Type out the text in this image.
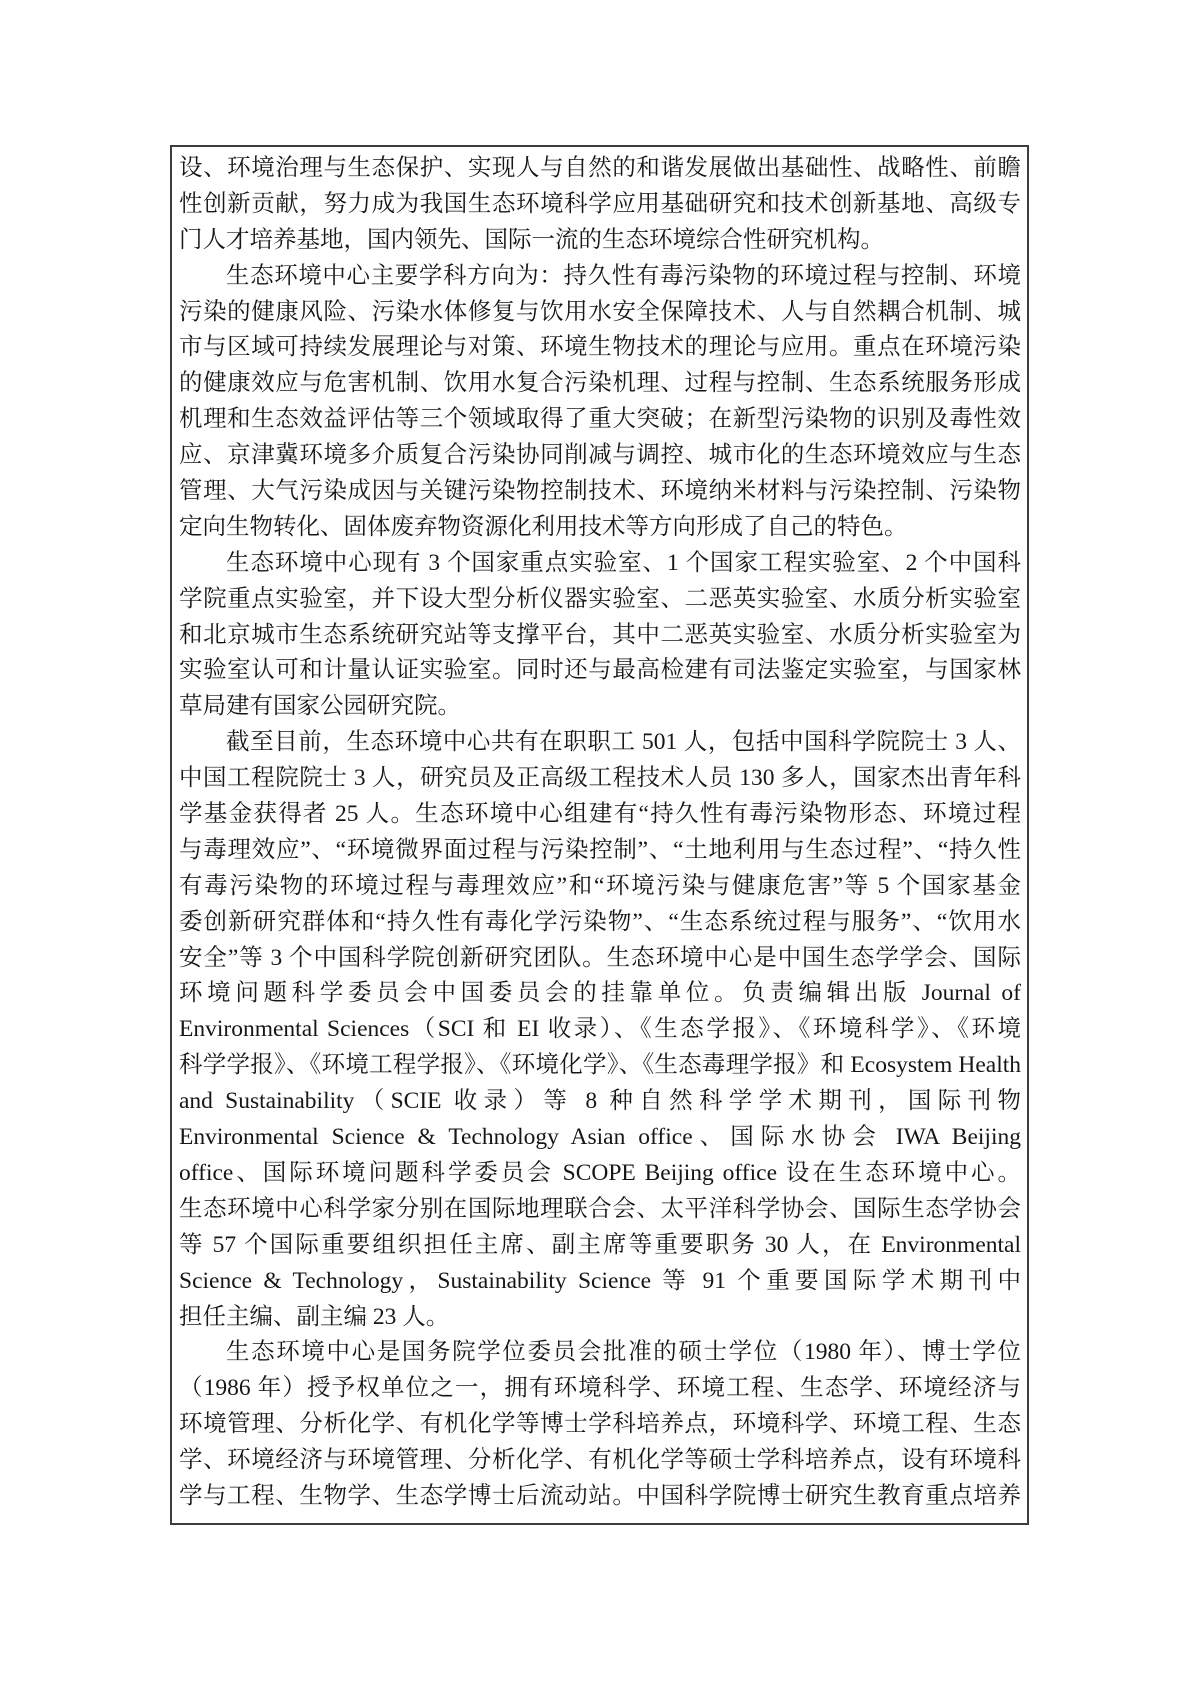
设、环境治理与生态保护、实现人与自然的和谐发展做出基础性、战略性、前瞻
性创新贡献，努力成为我国生态环境科学应用基础研究和技术创新基地、高级专
门人才培养基地，国内领先、国际一流的生态环境综合性研究机构。
生态环境中心主要学科方向为：持久性有毒污染物的环境过程与控制、环境
污染的健康风险、污染水体修复与饮用水安全保障技术、人与自然耦合机制、城
市与区域可持续发展理论与对策、环境生物技术的理论与应用。重点在环境污染
的健康效应与危害机制、饮用水复合污染机理、过程与控制、生态系统服务形成
机理和生态效益评估等三个领域取得了重大突破；在新型污染物的识别及毒性效
应、京津冀环境多介质复合污染协同削减与调控、城市化的生态环境效应与生态
管理、大气污染成因与关键污染物控制技术、环境纳米材料与污染控制、污染物
定向生物转化、固体废弃物资源化利用技术等方向形成了自己的特色。
生态环境中心现有 3 个国家重点实验室、1 个国家工程实验室、2 个中国科
学院重点实验室，并下设大型分析仪器实验室、二恶英实验室、水质分析实验室
和北京城市生态系统研究站等支撑平台，其中二恶英实验室、水质分析实验室为
实验室认可和计量认证实验室。同时还与最高检建有司法鉴定实验室，与国家林
草局建有国家公园研究院。
截至目前，生态环境中心共有在职职工 501 人，包括中国科学院院士 3 人、
中国工程院院士 3 人，研究员及正高级工程技术人员 130 多人，国家杰出青年科
学基金获得者 25 人。生态环境中心组建有“持久性有毒污染物形态、环境过程
与毒理效应”、“环境微界面过程与污染控制”、“土地利用与生态过程”、“持久性
有毒污染物的环境过程与毒理效应”和“环境污染与健康危害”等 5 个国家基金
委创新研究群体和“持久性有毒化学污染物”、“生态系统过程与服务”、“饮用水
安全”等 3 个中国科学院创新研究团队。生态环境中心是中国生态学学会、国际
环境问题科学委员会中国委员会的挂靠单位。负责编辑出版 Journal of
Environmental Sciences（SCI 和 EI 收录）、《生态学报》、《环境科学》、《环境
科学学报》、《环境工程学报》、《环境化学》、《生态毒理学报》和 Ecosystem Health
and Sustainability（SCIE 收录）等 8 种自然科学学术期刊，国际刊物
Environmental Science & Technology Asian office、国际水协会 IWA Beijing
office、国际环境问题科学委员会 SCOPE Beijing office 设在生态环境中心。
生态环境中心科学家分别在国际地理联合会、太平洋科学协会、国际生态学协会
等 57 个国际重要组织担任主席、副主席等重要职务 30 人，在 Environmental
Science & Technology，Sustainability Science 等 91 个重要国际学术期刊中
担任主编、副主编 23 人。
生态环境中心是国务院学位委员会批准的硕士学位（1980 年）、博士学位
（1986 年）授予权单位之一，拥有环境科学、环境工程、生态学、环境经济与
环境管理、分析化学、有机化学等博士学科培养点，环境科学、环境工程、生态
学、环境经济与环境管理、分析化学、有机化学等硕士学科培养点，设有环境科
学与工程、生物学、生态学博士后流动站。中国科学院博士研究生教育重点培养
